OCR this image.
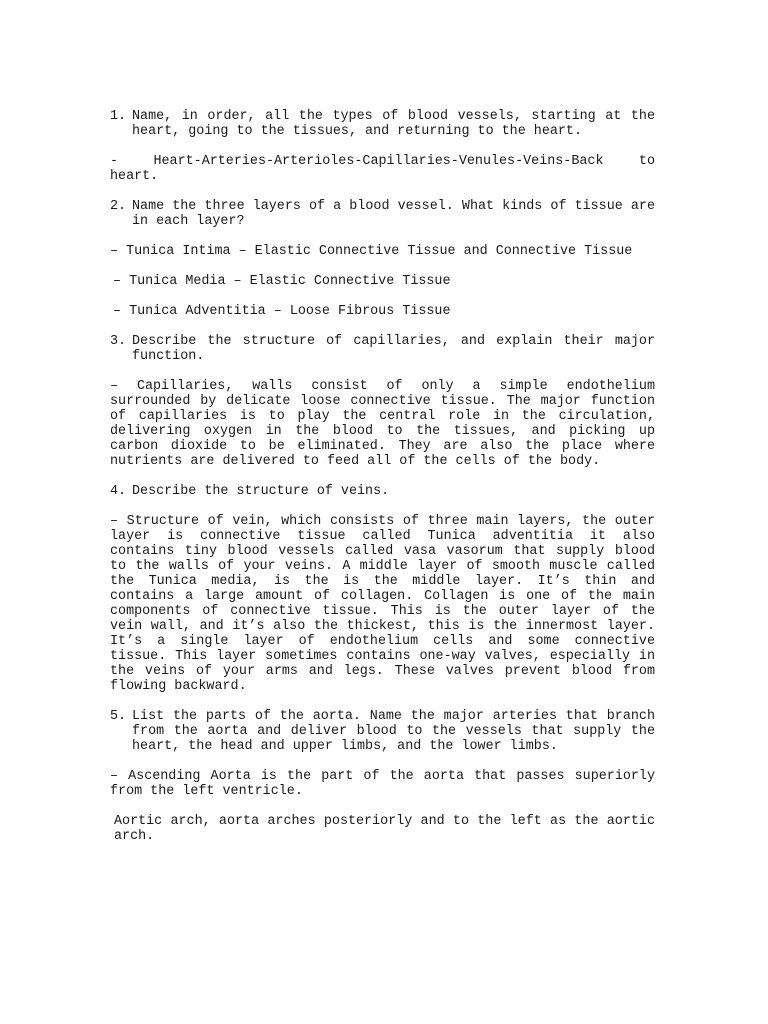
1. Name, in order, all the types of blood vessels, starting at the heart, going to the tissues, and returning to the heart.

- Heart-Arteries-Arterioles-Capillaries-Venules-Veins-Back to heart.

2. Name the three layers of a blood vessel. What kinds of tissue are in each layer?

– Tunica Intima – Elastic Connective Tissue and Connective Tissue

– Tunica Media – Elastic Connective Tissue

– Tunica Adventitia – Loose Fibrous Tissue

3. Describe the structure of capillaries, and explain their major function.

– Capillaries, walls consist of only a simple endothelium surrounded by delicate loose connective tissue. The major function of capillaries is to play the central role in the circulation, delivering oxygen in the blood to the tissues, and picking up carbon dioxide to be eliminated. They are also the place where nutrients are delivered to feed all of the cells of the body.

4. Describe the structure of veins.

– Structure of vein, which consists of three main layers, the outer layer is connective tissue called Tunica adventitia it also contains tiny blood vessels called vasa vasorum that supply blood to the walls of your veins. A middle layer of smooth muscle called the Tunica media, is the is the middle layer. It’s thin and contains a large amount of collagen. Collagen is one of the main components of connective tissue. This is the outer layer of the vein wall, and it’s also the thickest, this is the innermost layer. It’s a single layer of endothelium cells and some connective tissue. This layer sometimes contains one-way valves, especially in the veins of your arms and legs. These valves prevent blood from flowing backward.

5. List the parts of the aorta. Name the major arteries that branch from the aorta and deliver blood to the vessels that supply the heart, the head and upper limbs, and the lower limbs.

– Ascending Aorta is the part of the aorta that passes superiorly from the left ventricle.

Aortic arch, aorta arches posteriorly and to the left as the aortic arch.
